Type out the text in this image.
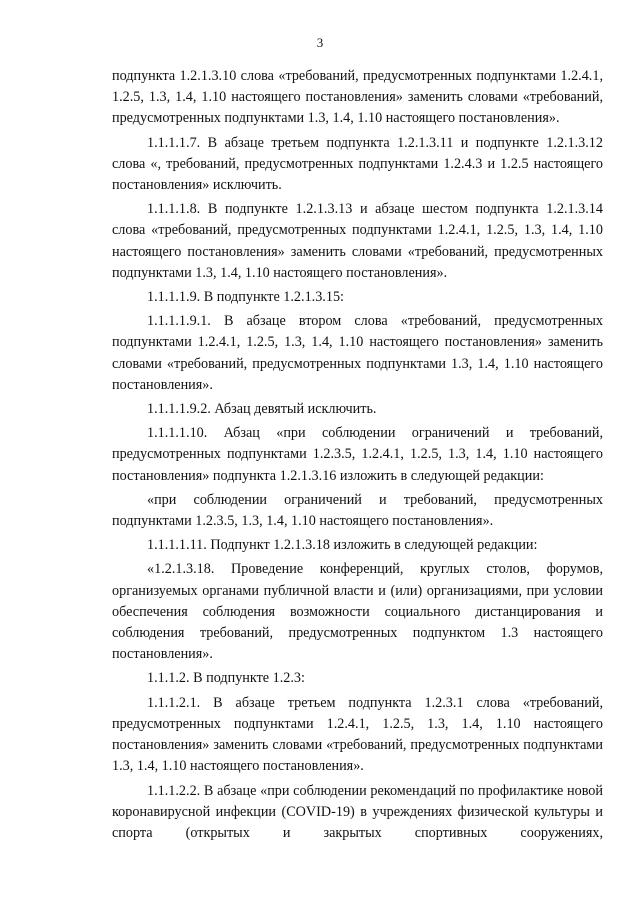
3

подпункта 1.2.1.3.10 слова «требований, предусмотренных подпунктами 1.2.4.1, 1.2.5, 1.3, 1.4, 1.10 настоящего постановления» заменить словами «требований, предусмотренных подпунктами 1.3, 1.4, 1.10 настоящего постановления».

1.1.1.1.7. В абзаце третьем подпункта 1.2.1.3.11 и подпункте 1.2.1.3.12 слова «, требований, предусмотренных подпунктами 1.2.4.3 и 1.2.5 настоящего постановления» исключить.

1.1.1.1.8. В подпункте 1.2.1.3.13 и абзаце шестом подпункта 1.2.1.3.14 слова «требований, предусмотренных подпунктами 1.2.4.1, 1.2.5, 1.3, 1.4, 1.10 настоящего постановления» заменить словами «требований, предусмотренных подпунктами 1.3, 1.4, 1.10 настоящего постановления».

1.1.1.1.9. В подпункте 1.2.1.3.15:

1.1.1.1.9.1. В абзаце втором слова «требований, предусмотренных подпунктами 1.2.4.1, 1.2.5, 1.3, 1.4, 1.10 настоящего постановления» заменить словами «требований, предусмотренных подпунктами 1.3, 1.4, 1.10 настоящего постановления».

1.1.1.1.9.2. Абзац девятый исключить.

1.1.1.1.10. Абзац «при соблюдении ограничений и требований, предусмотренных подпунктами 1.2.3.5, 1.2.4.1, 1.2.5, 1.3, 1.4, 1.10 настоящего постановления» подпункта 1.2.1.3.16 изложить в следующей редакции:

«при соблюдении ограничений и требований, предусмотренных подпунктами 1.2.3.5, 1.3, 1.4, 1.10 настоящего постановления».

1.1.1.1.11. Подпункт 1.2.1.3.18 изложить в следующей редакции:

«1.2.1.3.18. Проведение конференций, круглых столов, форумов, организуемых органами публичной власти и (или) организациями, при условии обеспечения соблюдения возможности социального дистанцирования и соблюдения требований, предусмотренных подпунктом 1.3 настоящего постановления».

1.1.1.2. В подпункте 1.2.3:

1.1.1.2.1. В абзаце третьем подпункта 1.2.3.1 слова «требований, предусмотренных подпунктами 1.2.4.1, 1.2.5, 1.3, 1.4, 1.10 настоящего постановления» заменить словами «требований, предусмотренных подпунктами 1.3, 1.4, 1.10 настоящего постановления».

1.1.1.2.2. В абзаце «при соблюдении рекомендаций по профилактике новой коронавирусной инфекции (COVID-19) в учреждениях физической культуры и спорта (открытых и закрытых спортивных сооружениях,
